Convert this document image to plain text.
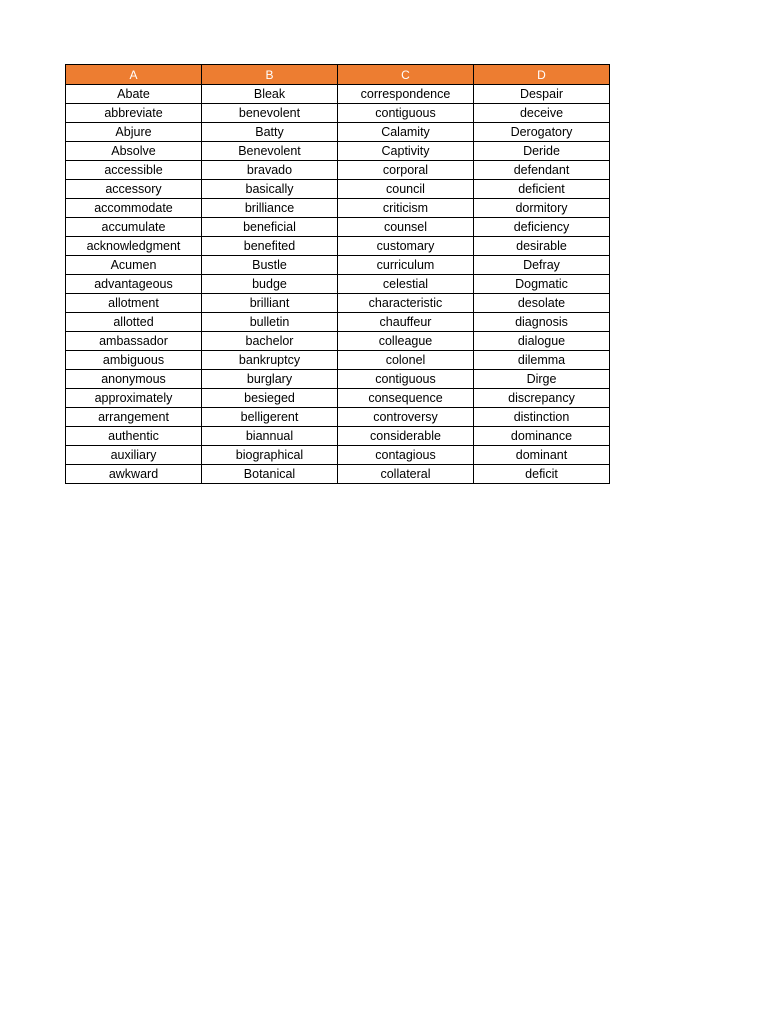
A	B	C	D
Abate	Bleak	correspondence	Despair
abbreviate	benevolent	contiguous	deceive
Abjure	Batty	Calamity	Derogatory
Absolve	Benevolent	Captivity	Deride
accessible	bravado	corporal	defendant
accessory	basically	council	deficient
accommodate	brilliance	criticism	dormitory
accumulate	beneficial	counsel	deficiency
acknowledgment	benefited	customary	desirable
Acumen	Bustle	curriculum	Defray
advantageous	budge	celestial	Dogmatic
allotment	brilliant	characteristic	desolate
allotted	bulletin	chauffeur	diagnosis
ambassador	bachelor	colleague	dialogue
ambiguous	bankruptcy	colonel	dilemma
anonymous	burglary	contiguous	Dirge
approximately	besieged	consequence	discrepancy
arrangement	belligerent	controversy	distinction
authentic	biannual	considerable	dominance
auxiliary	biographical	contagious	dominant
awkward	Botanical	collateral	deficit
